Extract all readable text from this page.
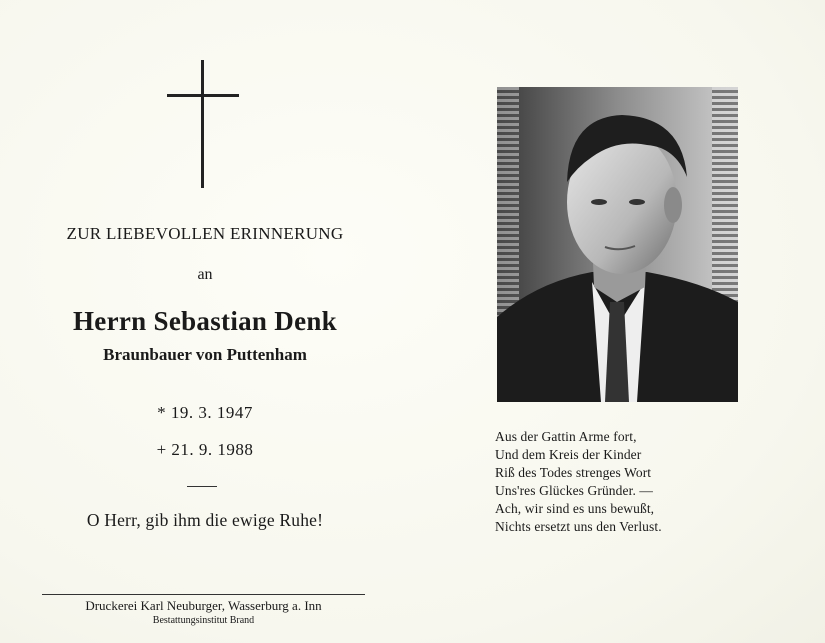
ZUR LIEBEVOLLEN ERINNERUNG
an
Herrn Sebastian Denk
Braunbauer von Puttenham
* 19. 3. 1947
+ 21. 9. 1988
O Herr, gib ihm die ewige Ruhe!
Druckerei Karl Neuburger, Wasserburg a. Inn
Bestattungsinstitut Brand
Aus der Gattin Arme fort,
Und dem Kreis der Kinder
Riß des Todes strenges Wort
Uns'res Glückes Gründer. —
Ach, wir sind es uns bewußt,
Nichts ersetzt uns den Verlust.
